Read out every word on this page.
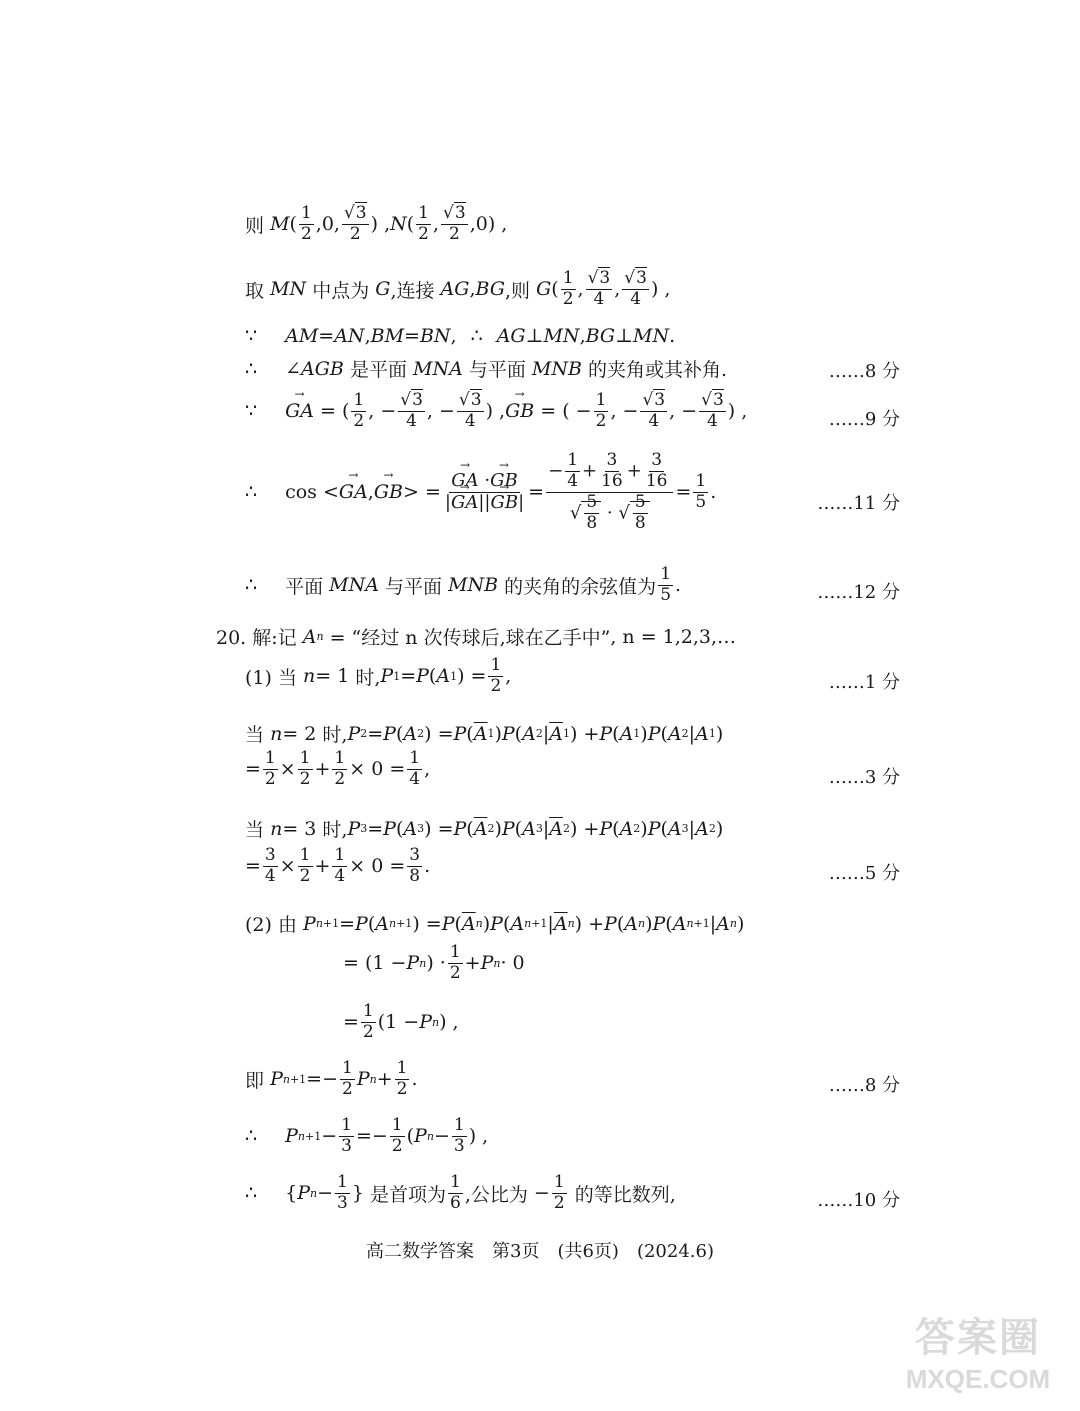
则
M ( $\frac{1}{2} ,0$, $\frac{√3}{2}$ ) , N ( $\frac{1}{2}$ , $\frac{√3}{2} ,0$) ,
取
MN
中点为
G ,连接
AG , BG ,则
G ( $\frac{1}{2}$ , $\frac{√3}{4}$ , $\frac{√3}{4}$ ) ,
∵ AM = AN , BM = BN , ∴ AG ⊥ MN , BG ⊥ MN .
∴ ∠ AGB
是平面
MNA
与平面
MNB
的夹角或其补角.	……8 分
∵ → GA = ( $\frac{1}{2}$ , − $\frac{√3}{4}$ , − $\frac{√3}{4}$ ) , → GB = ( − $\frac{1}{2}$ , − $\frac{√3}{4}$ , − $\frac{√3}{4}$ ) ,	……9 分
∴ cos < → GA , → GB > = → $\frac{GA \cdot\to GB}{|\to GA||\to GB|} = \frac{- \frac{1}{4} + \frac{3}{16} + \frac{3}{16}}{√ \frac{5}{8} \cdot √ \frac{5}{8}} = \frac{1}{5}$ .
……11 分
∴ 平面
MNA
与平面
MNB
的夹角的余弦值为 $\frac{1}{5}$ .	……12 分
20. 解:记
A n
= “经过 n 次传球后,球在乙手中” , n = 1,2,3,…
(1) 当
n = 1 时, P 1 = P ( A 1 ) = $\frac{1}{2}$ ,	……1 分
当
n = 2 时, P 2 = P ( A 2 ) = P ( $\overline{A}$ 1 ) P ( A 2 | $\overline{A}$ 1 ) + P ( A 1 ) P ( A 2 | A 1 )
= $\frac{1}{2} \times \frac{1}{2} + \frac{1}{2} \times 0 = \frac{1}{4}$ ,	……3 分
当
n = 3 时, P 3 = P ( A 3 ) = P ( $\overline{A}$ 2 ) P ( A 3 | $\overline{A}$ 2 ) + P ( A 2 ) P ( A 3 | A 2 )
= $\frac{3}{4} \times \frac{1}{2} + \frac{1}{4} \times 0 = \frac{3}{8}$ .	……5 分
(2) 由
P n+1 = P ( A n+1 ) = P ( $\overline{A}$ n ) P ( A n+1 | $\overline{A}$ n ) + P ( A n ) P ( A n+1 | A n )
= (1 − P n ) · $\frac{1}{2} + P$ n · 0
= $\frac{1}{2} (1 - P$ n ) ,
即
P $n+1 =- \frac{1}{2}$ P $n + \frac{1}{2}$ .	……8 分
∴ P $n+1 - \frac{1}{3} =- \frac{1}{2}$ ( P $n - \frac{1}{3}$ ) ,
∴ { P $n - \frac{1}{3}$ } 是首项为 $\frac{1}{6}$ ,公比为 − $\frac{1}{2}$
的等比数列,	……10 分
高二数学答案　第3页　(共6页)　(2024.6)
答案圈
MXQE.COM
